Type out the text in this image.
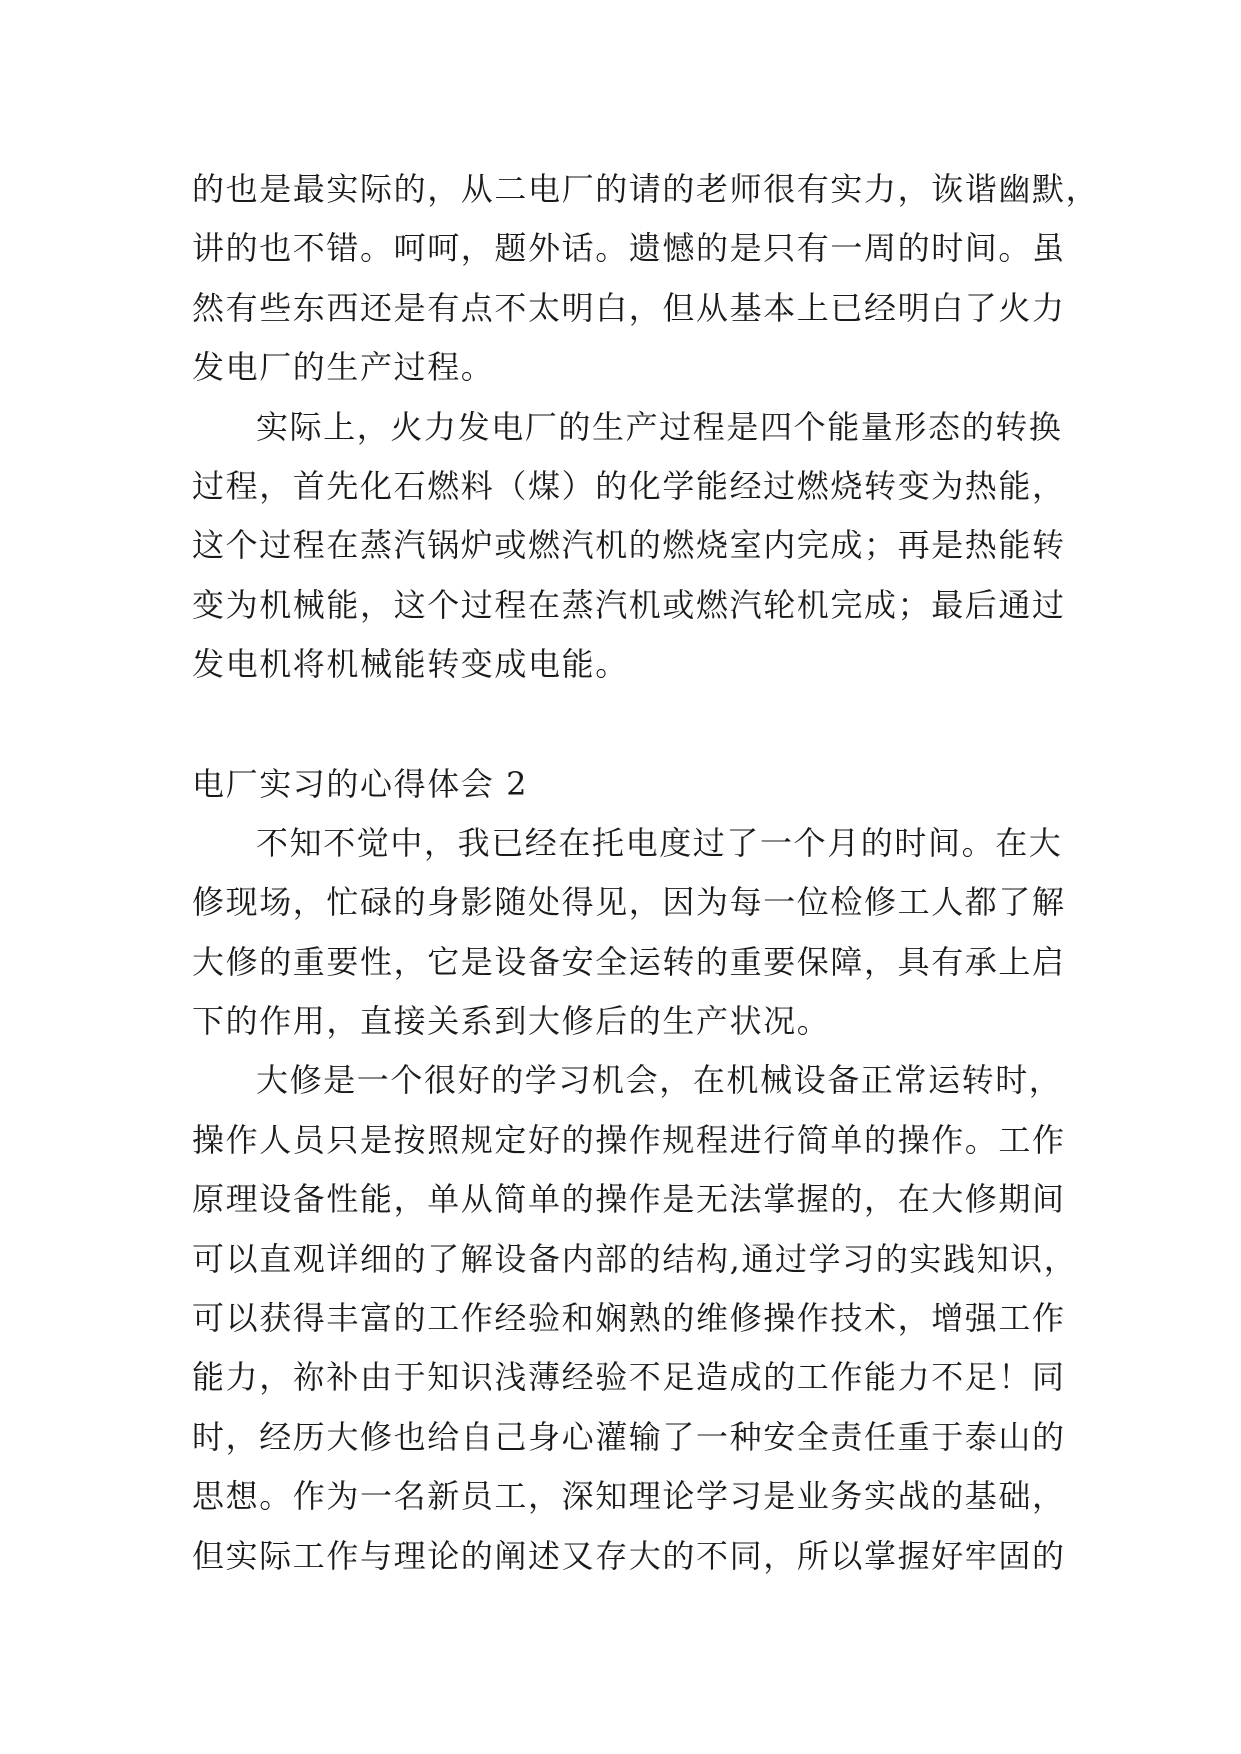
的也是最实际的，从二电厂的请的老师很有实力，诙谐幽默，
讲的也不错。呵呵，题外话。遗憾的是只有一周的时间。虽
然有些东西还是有点不太明白，但从基本上已经明白了火力
发电厂的生产过程。
实际上，火力发电厂的生产过程是四个能量形态的转换
过程，首先化石燃料（煤）的化学能经过燃烧转变为热能，
这个过程在蒸汽锅炉或燃汽机的燃烧室内完成；再是热能转
变为机械能，这个过程在蒸汽机或燃汽轮机完成；最后通过
发电机将机械能转变成电能。
电厂实习的心得体会 2
不知不觉中，我已经在托电度过了一个月的时间。在大
修现场，忙碌的身影随处得见，因为每一位检修工人都了解
大修的重要性，它是设备安全运转的重要保障，具有承上启
下的作用，直接关系到大修后的生产状况。
大修是一个很好的学习机会，在机械设备正常运转时，
操作人员只是按照规定好的操作规程进行简单的操作。工作
原理设备性能，单从简单的操作是无法掌握的，在大修期间
可以直观详细的了解设备内部的结构,通过学习的实践知识，
可以获得丰富的工作经验和娴熟的维修操作技术，增强工作
能力，祢补由于知识浅薄经验不足造成的工作能力不足！同
时，经历大修也给自己身心灌输了一种安全责任重于泰山的
思想。作为一名新员工，深知理论学习是业务实战的基础，
但实际工作与理论的阐述又存大的不同，所以掌握好牢固的
